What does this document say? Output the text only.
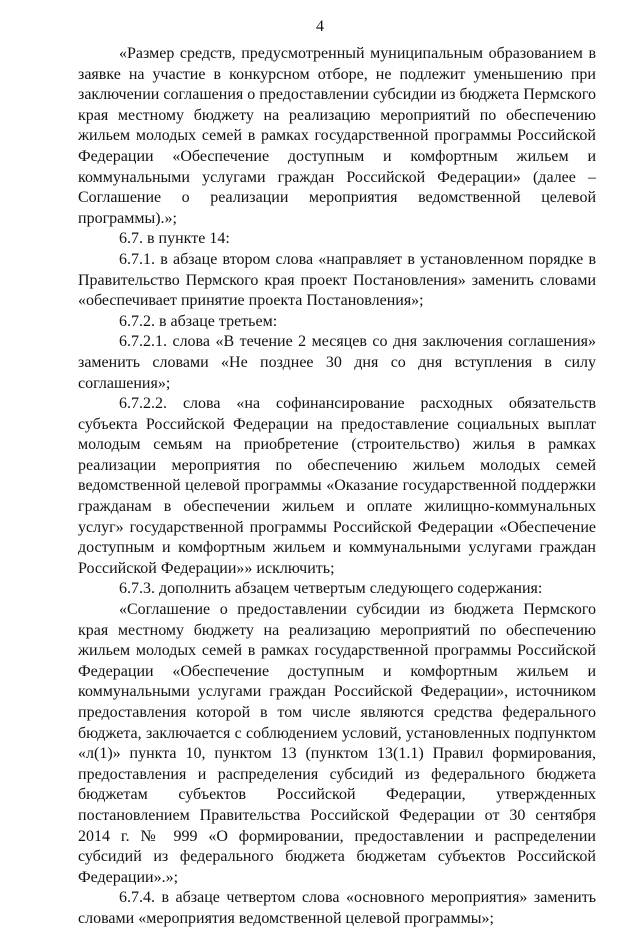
4

«Размер средств, предусмотренный муниципальным образованием в заявке на участие в конкурсном отборе, не подлежит уменьшению при заключении соглашения о предоставлении субсидии из бюджета Пермского края местному бюджету на реализацию мероприятий по обеспечению жильем молодых семей в рамках государственной программы Российской Федерации «Обеспечение доступным и комфортным жильем и коммунальными услугами граждан Российской Федерации» (далее – Соглашение о реализации мероприятия ведомственной целевой программы).»;

6.7. в пункте 14:

6.7.1. в абзаце втором слова «направляет в установленном порядке в Правительство Пермского края проект Постановления» заменить словами «обеспечивает принятие проекта Постановления»;

6.7.2. в абзаце третьем:

6.7.2.1. слова «В течение 2 месяцев со дня заключения соглашения» заменить словами «Не позднее 30 дня со дня вступления в силу соглашения»;

6.7.2.2. слова «на софинансирование расходных обязательств субъекта Российской Федерации на предоставление социальных выплат молодым семьям на приобретение (строительство) жилья в рамках реализации мероприятия по обеспечению жильем молодых семей ведомственной целевой программы «Оказание государственной поддержки гражданам в обеспечении жильем и оплате жилищно-коммунальных услуг» государственной программы Российской Федерации «Обеспечение доступным и комфортным жильем и коммунальными услугами граждан Российской Федерации»» исключить;

6.7.3. дополнить абзацем четвертым следующего содержания:

«Соглашение о предоставлении субсидии из бюджета Пермского края местному бюджету на реализацию мероприятий по обеспечению жильем молодых семей в рамках государственной программы Российской Федерации «Обеспечение доступным и комфортным жильем и коммунальными услугами граждан Российской Федерации», источником предоставления которой в том числе являются средства федерального бюджета, заключается с соблюдением условий, установленных подпунктом «л(1)» пункта 10, пунктом 13 (пунктом 13(1.1) Правил формирования, предоставления и распределения субсидий из федерального бюджета бюджетам субъектов Российской Федерации, утвержденных постановлением Правительства Российской Федерации от 30 сентября 2014 г. № 999 «О формировании, предоставлении и распределении субсидий из федерального бюджета бюджетам субъектов Российской Федерации».»;

6.7.4. в абзаце четвертом слова «основного мероприятия» заменить словами «мероприятия ведомственной целевой программы»;
